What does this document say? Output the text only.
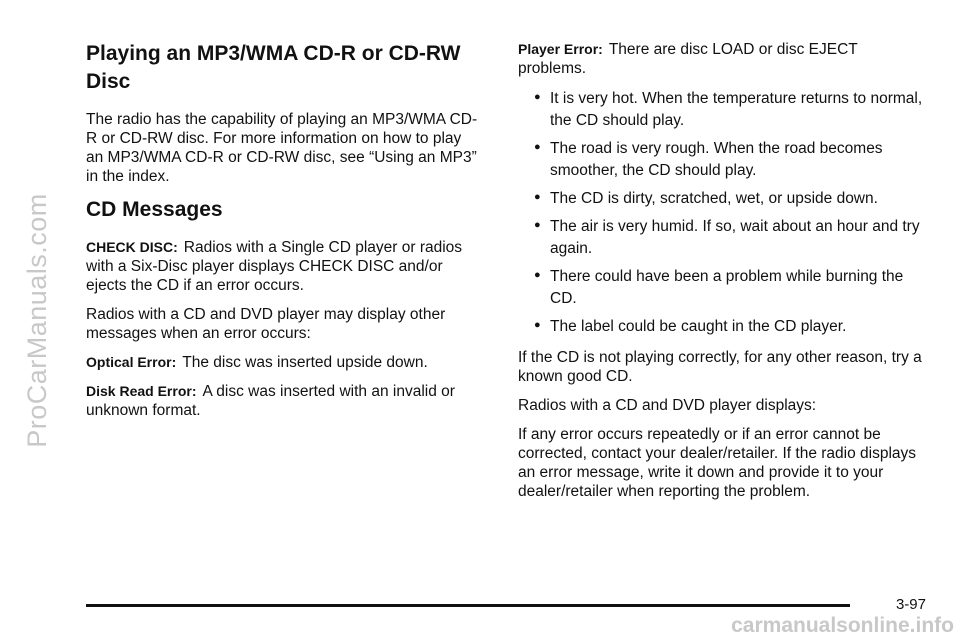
ProCarManuals.com
Playing an MP3/WMA CD-R or CD-RW Disc

The radio has the capability of playing an MP3/WMA CD-R or CD-RW disc. For more information on how to play an MP3/WMA CD-R or CD-RW disc, see “Using an MP3” in the index.

CD Messages

CHECK DISC: Radios with a Single CD player or radios with a Six-Disc player displays CHECK DISC and/or ejects the CD if an error occurs.

Radios with a CD and DVD player may display other messages when an error occurs:

Optical Error: The disc was inserted upside down.

Disk Read Error: A disc was inserted with an invalid or unknown format.

Player Error: There are disc LOAD or disc EJECT problems.

● It is very hot. When the temperature returns to normal, the CD should play.
● The road is very rough. When the road becomes smoother, the CD should play.
● The CD is dirty, scratched, wet, or upside down.
● The air is very humid. If so, wait about an hour and try again.
● There could have been a problem while burning the CD.
● The label could be caught in the CD player.

If the CD is not playing correctly, for any other reason, try a known good CD.

Radios with a CD and DVD player displays:

If any error occurs repeatedly or if an error cannot be corrected, contact your dealer/retailer. If the radio displays an error message, write it down and provide it to your dealer/retailer when reporting the problem.

3-97
carmanualsonline.info
